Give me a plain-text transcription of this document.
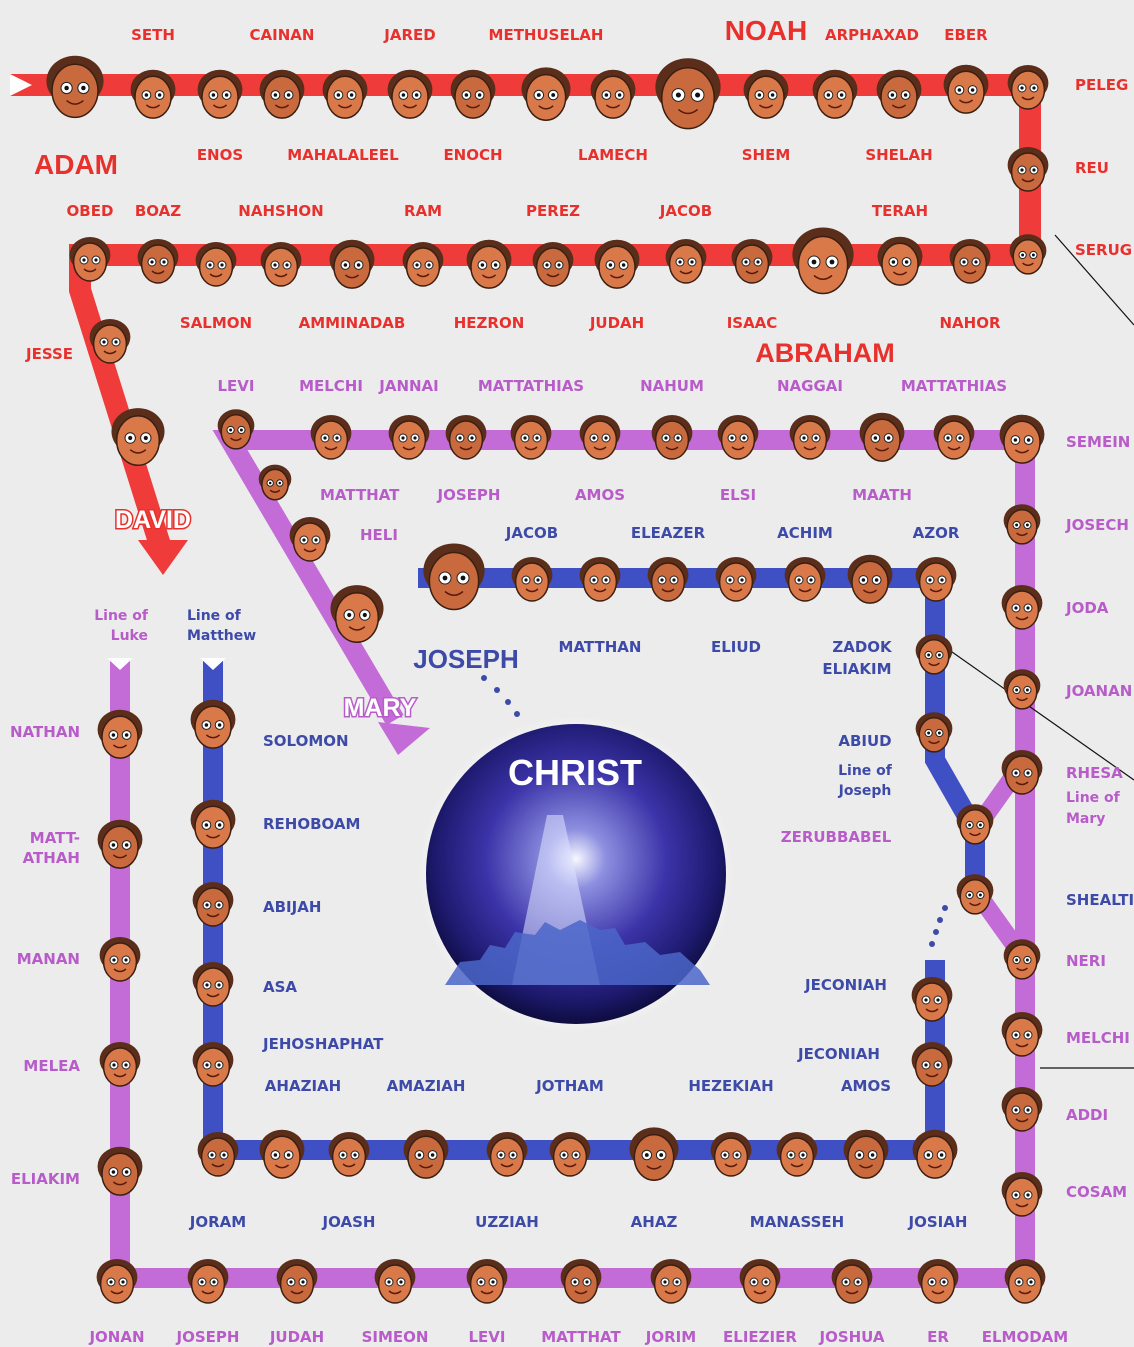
CHRIST
SETH	CAINAN	JARED	METHUSELAH	ARPHAXAD EBER
NOAH
ADAM	ENOS	MAHALALEEL	ENOCH	LAMECH	SHEM	SHELAH
PELEG
REU
SERUG
OBED BOAZ	NAHSHON	RAM	PEREZ	JACOB	TERAH
SALMON	AMMINADAB	HEZRON	JUDAH	ISAAC	NAHOR
ABRAHAM
JESSE
DAVID
LEVI	MELCHI JANNAI	MATTATHIAS	NAHUM	NAGGAI	MATTATHIAS
MATTHAT	JOSEPH	AMOS	ELSI	MAATH
HELI
MARY
JOSEPH
JACOB	ELEAZER	ACHIM	AZOR
MATTHAN	ELIUD	ZADOK
ELIAKIM
ABIUD
Line of
Joseph
ZERUBBABEL
SEMEIN
JOSECH
JODA
JOANAN
RHESA
Line of
Mary
SHEALTI
NERI
MELCHI
ADDI
COSAM
Line of
Luke
Line of
Matthew
NATHAN
MATT-
ATHAH
MANAN
MELEA
ELIAKIM
SOLOMON
REHOBOAM
ABIJAH
ASA
JEHOSHAPHAT
AHAZIAH	AMAZIAH	JOTHAM	HEZEKIAH	AMOS
JORAM	JOASH	UZZIAH	AHAZ	MANASSEH	JOSIAH
JECONIAH
JECONIAH
JONAN JOSEPH JUDAH SIMEON	LEVI MATTHAT JORIM ELIEZIER JOSHUA	ER ELMODAM
